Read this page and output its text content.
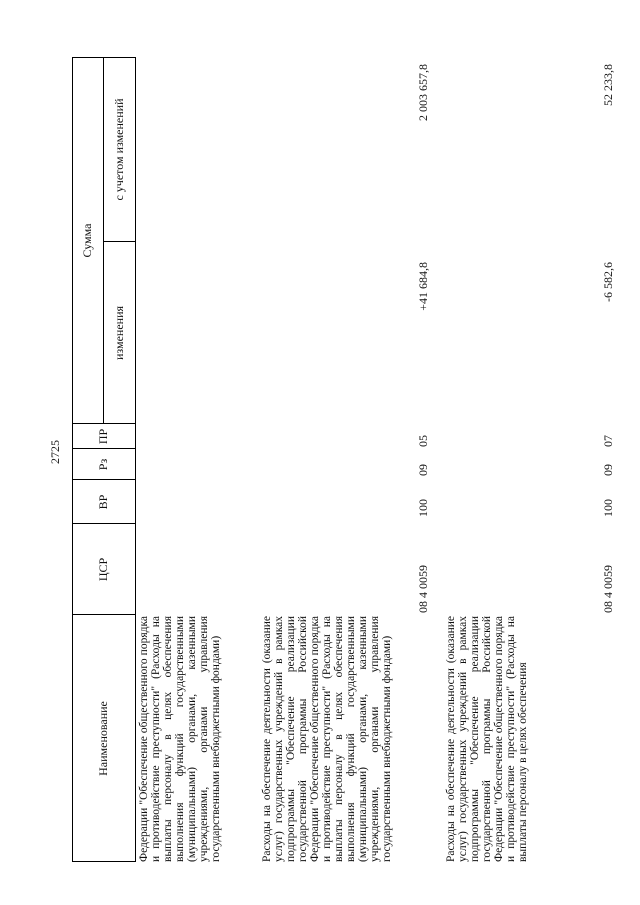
2725
Наименование
ЦСР
ВР
Рз
ПР
Сумма
изменения
с учетом изменений
Федерации "Обеспечение общественного порядка и противодействие преступности" (Расходы на выплаты персоналу в целях обеспечения выполнения функций государственными (муниципальными) органами, казенными учреждениями, органами управления государственными внебюджетными фондами)	Расходы на обеспечение деятельности (оказание услуг) государственных учреждений в рамках подпрограммы "Обеспечение реализации государственной программы Российской Федерации "Обеспечение общественного порядка и противодействие преступности" (Расходы на выплаты персоналу в целях обеспечения выполнения функций государственными (муниципальными) органами, казенными учреждениями, органами управления государственными внебюджетными фондами)
08 4 0059
100
09
05
+41 684,8
2 003 657,8
Расходы на обеспечение деятельности (оказание услуг) государственных учреждений в рамках подпрограммы "Обеспечение реализации государственной программы Российской Федерации "Обеспечение общественного порядка и противодействие преступности" (Расходы на выплаты персоналу в целях обеспечения
08 4 0059
100
09
07
-6 582,6
52 233,8
